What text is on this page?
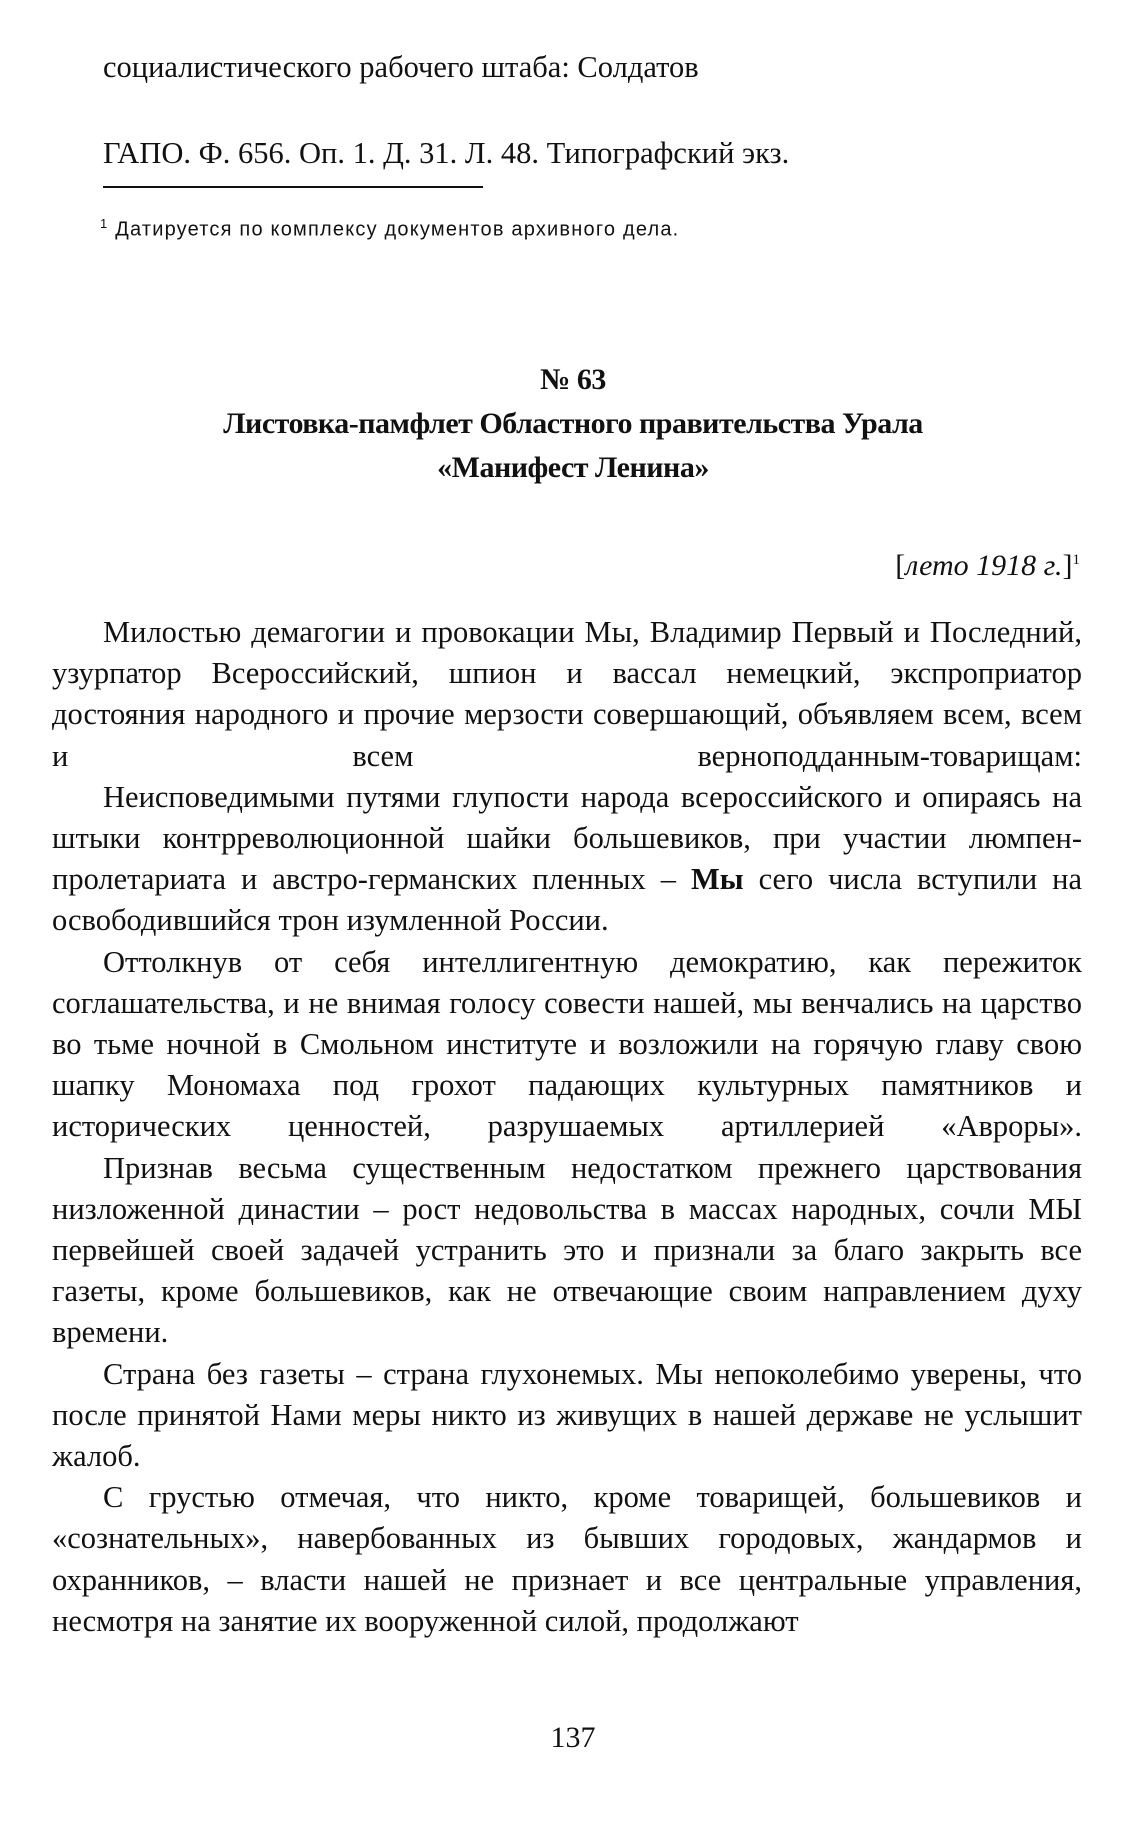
социалистического рабочего штаба: Солдатов
ГАПО. Ф. 656. Оп. 1. Д. 31. Л. 48. Типографский экз.
$^1$ Датируется по комплексу документов архивного дела.
№ 63
Листовка-памфлет Областного правительства Урала
«Манифест Ленина»
[лето 1918 г.]$^1$

Милостью демагогии и провокации Мы, Владимир Первый и Последний, узурпатор Всероссийский, шпион и вассал немецкий, экспроприатор достояния народного и прочие мерзости совершающий, объявляем всем, всем и всем верноподданным-товарищам:

Неисповедимыми путями глупости народа всероссийского и опираясь на штыки контрреволюционной шайки большевиков, при участии люмпен-пролетариата и австро-германских пленных – Мы сего числа вступили на освободившийся трон изумленной России.

Оттолкнув от себя интеллигентную демократию, как пережиток соглашательства, и не внимая голосу совести нашей, мы венчались на царство во тьме ночной в Смольном институте и возложили на горячую главу свою шапку Мономаха под грохот падающих культурных памятников и исторических ценностей, разрушаемых артиллерией «Авроры».

Признав весьма существенным недостатком прежнего царствования низложенной династии – рост недовольства в массах народных, сочли МЫ первейшей своей задачей устранить это и признали за благо закрыть все газеты, кроме большевиков, как не отвечающие своим направлением духу времени.

Страна без газеты – страна глухонемых. Мы непоколебимо уверены, что после принятой Нами меры никто из живущих в нашей державе не услышит жалоб.

С грустью отмечая, что никто, кроме товарищей, большевиков и «сознательных», навербованных из бывших городовых, жандармов и охранников, – власти нашей не признает и все центральные управления, несмотря на занятие их вооруженной силой, продолжают

137
